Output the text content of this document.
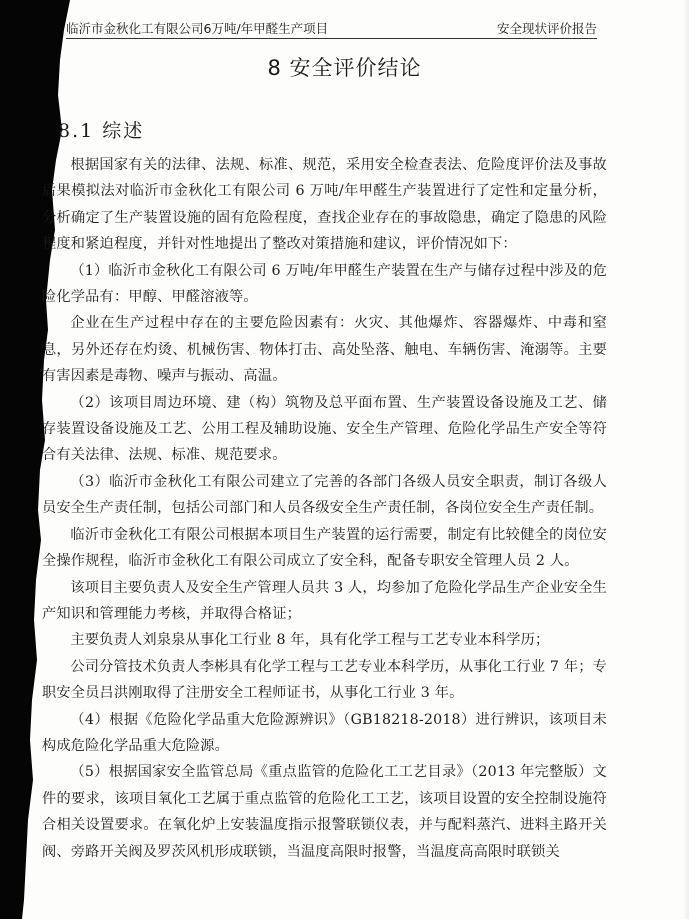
临沂市金秋化工有限公司6万吨/年甲醛生产项目	安全现状评价报告
8 安全评价结论
8.1 综述

根据国家有关的法律、法规、标准、规范，采用安全检查表法、危险度评价法及事故后果模拟法对临沂市金秋化工有限公司 6 万吨/年甲醛生产装置进行了定性和定量分析，分析确定了生产装置设施的固有危险程度，查找企业存在的事故隐患，确定了隐患的风险程度和紧迫程度，并针对性地提出了整改对策措施和建议，评价情况如下：

（1）临沂市金秋化工有限公司 6 万吨/年甲醛生产装置在生产与储存过程中涉及的危险化学品有：甲醇、甲醛溶液等。

企业在生产过程中存在的主要危险因素有：火灾、其他爆炸、容器爆炸、中毒和窒息，另外还存在灼烫、机械伤害、物体打击、高处坠落、触电、车辆伤害、淹溺等。主要有害因素是毒物、噪声与振动、高温。

（2）该项目周边环境、建（构）筑物及总平面布置、生产装置设备设施及工艺、储存装置设备设施及工艺、公用工程及辅助设施、安全生产管理、危险化学品生产安全等符合有关法律、法规、标准、规范要求。

（3）临沂市金秋化工有限公司建立了完善的各部门各级人员安全职责，制订各级人员安全生产责任制，包括公司部门和人员各级安全生产责任制，各岗位安全生产责任制。

临沂市金秋化工有限公司根据本项目生产装置的运行需要，制定有比较健全的岗位安全操作规程，临沂市金秋化工有限公司成立了安全科，配备专职安全管理人员 2 人。

该项目主要负责人及安全生产管理人员共 3 人，均参加了危险化学品生产企业安全生产知识和管理能力考核，并取得合格证；

主要负责人刘泉泉从事化工行业 8 年，具有化学工程与工艺专业本科学历；

公司分管技术负责人李彬具有化学工程与工艺专业本科学历，从事化工行业 7 年；专职安全员吕洪刚取得了注册安全工程师证书，从事化工行业 3 年。

（4）根据《危险化学品重大危险源辨识》（GB18218-2018）进行辨识，该项目未构成危险化学品重大危险源。

（5）根据国家安全监管总局《重点监管的危险化工工艺目录》（2013 年完整版）文件的要求，该项目氧化工艺属于重点监管的危险化工工艺，该项目设置的安全控制设施符合相关设置要求。在氧化炉上安装温度指示报警联锁仪表，并与配料蒸汽、进料主路开关阀、旁路开关阀及罗茨风机形成联锁，当温度高限时报警，当温度高高限时联锁关
